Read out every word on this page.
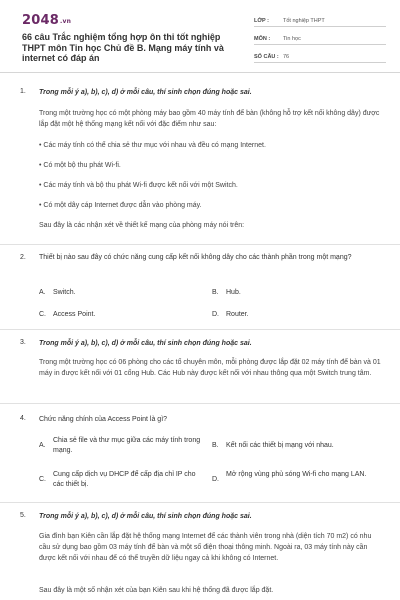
2048.vn
66 câu Trắc nghiệm tổng hợp ôn thi tốt nghiệp THPT môn Tin học Chủ đề B. Mạng máy tính và internet có đáp án
LỚP :	Tốt nghiệp THPT
MÔN :	Tin học
SỐ CÂU : 76
1. Trong mỗi ý a), b), c), d) ở mỗi câu, thí sinh chọn đúng hoặc sai.
Trong một trường học có một phòng máy bao gồm 40 máy tính để bàn (không hỗ trợ kết nối không dây) được lắp đặt một hệ thống mạng kết nối với đặc điểm như sau:
• Các máy tính có thể chia sẻ thư mục với nhau và đều có mạng Internet.
• Có một bộ thu phát Wi-fi.
• Các máy tính và bộ thu phát Wi-fi được kết nối với một Switch.
• Có một dây cáp Internet được dẫn vào phòng máy.
Sau đây là các nhận xét về thiết kế mạng của phòng máy nói trên:
2. Thiết bị nào sau đây có chức năng cung cấp kết nối không dây cho các thành phần trong một mạng?
A. Switch.	B. Hub.
C. Access Point.	D. Router.
3. Trong mỗi ý a), b), c), d) ở mỗi câu, thí sinh chọn đúng hoặc sai.
Trong một trường học có 06 phòng cho các tổ chuyên môn, mỗi phòng được lắp đặt 02 máy tính để bàn và 01 máy in được kết nối với 01 cổng Hub. Các Hub này được kết nối với nhau thông qua một Switch trung tâm.
4. Chức năng chính của Access Point là gì?
A.
Chia sẻ file và thư mục giữa các máy tính trong mạng.
B. Kết nối các thiết bị mạng với nhau.
C.
Cung cấp dịch vụ DHCP để cấp địa chỉ IP cho các thiết bị.
D.
Mở rộng vùng phủ sóng Wi-fi cho mạng LAN.
5. Trong mỗi ý a), b), c), d) ở mỗi câu, thí sinh chọn đúng hoặc sai.
Gia đình bạn Kiên cần lắp đặt hệ thống mạng Internet để các thành viên trong nhà (diện tích 70 m2) có nhu cầu sử dụng bao gồm 03 máy tính để bàn và một số điện thoại thông minh. Ngoài ra, 03 máy tính này cần được kết nối với nhau để có thể truyền dữ liệu ngay cả khi không có Internet.
Sau đây là một số nhận xét của bạn Kiên sau khi hệ thống đã được lắp đặt.
